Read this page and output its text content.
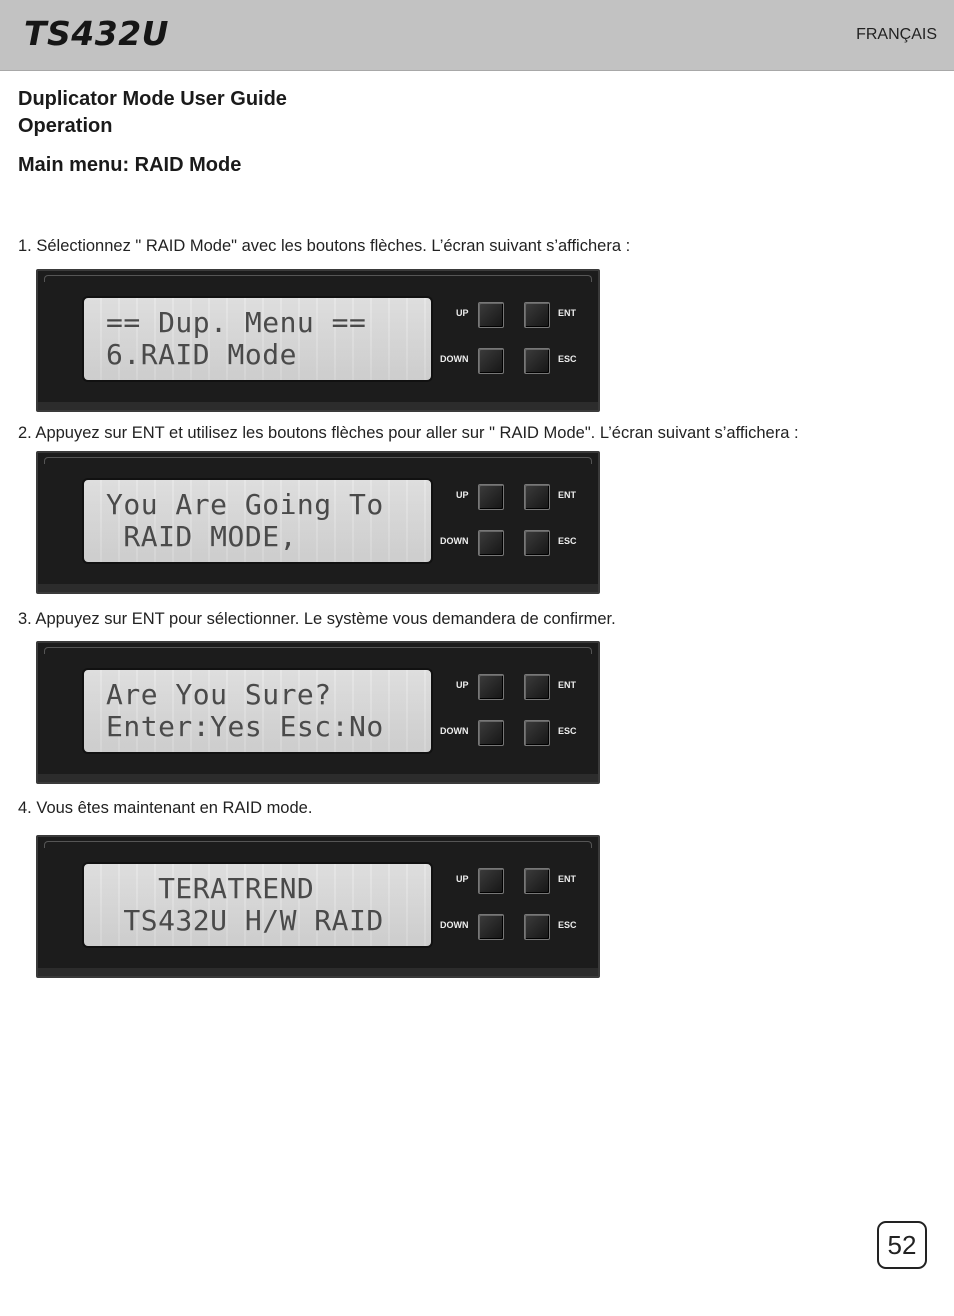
TS432U	FRANÇAIS
Duplicator Mode User Guide
Operation
Main menu: RAID Mode

1. Sélectionnez " RAID Mode" avec les boutons flèches. L’écran suivant s’affichera :

== Dup. Menu ==
6.RAID Mode
UP	ENT
DOWN	ESC

2. Appuyez sur ENT et utilisez les boutons flèches pour aller sur " RAID Mode". L’écran suivant s’affichera :

You Are Going To
RAID MODE,
UP	ENT
DOWN	ESC

3. Appuyez sur ENT pour sélectionner. Le système vous demandera de confirmer.

Are You Sure?
Enter:Yes Esc:No
UP	ENT
DOWN	ESC

4. Vous êtes maintenant en RAID mode.

TERATREND
TS432U H/W RAID
UP	ENT
DOWN	ESC
52
